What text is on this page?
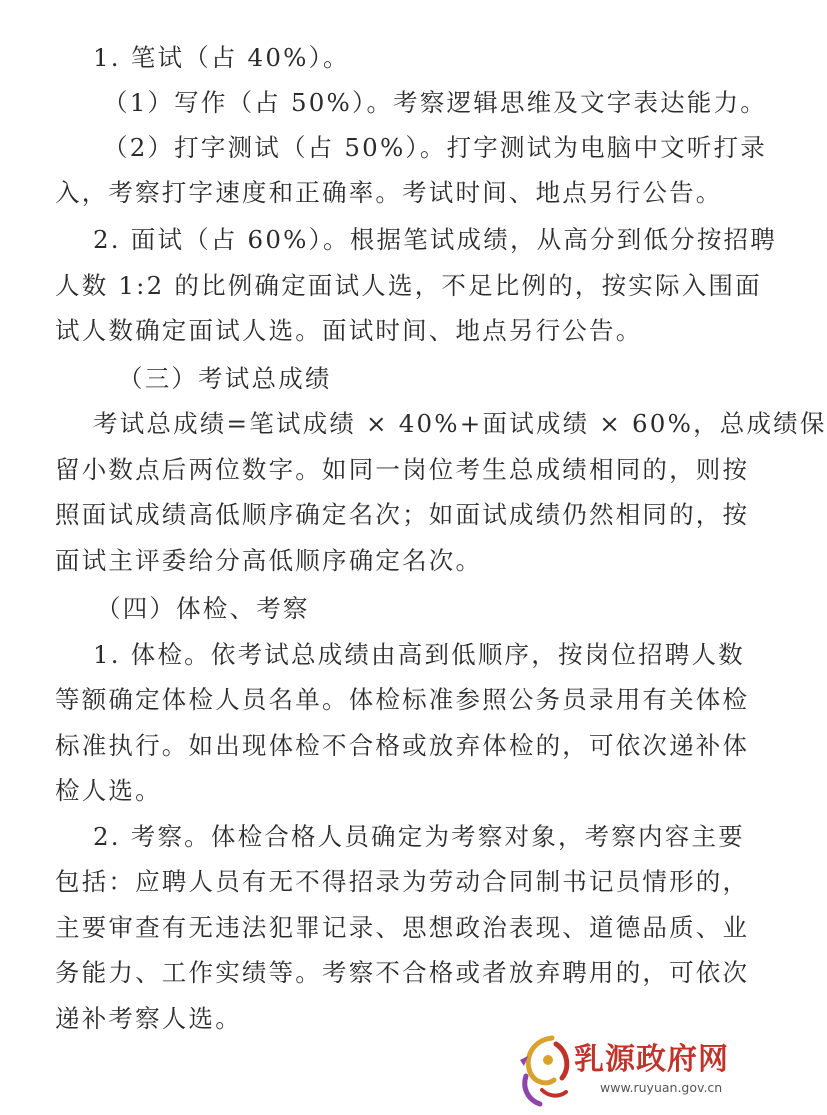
1. 笔试（占 40%）。
（1）写作（占 50%）。考察逻辑思维及文字表达能力。
（2）打字测试（占 50%）。打字测试为电脑中文听打录
入，考察打字速度和正确率。考试时间、地点另行公告。
2. 面试（占 60%）。根据笔试成绩，从高分到低分按招聘
人数 1:2 的比例确定面试人选，不足比例的，按实际入围面
试人数确定面试人选。面试时间、地点另行公告。
（三）考试总成绩
考试总成绩=笔试成绩 × 40%+面试成绩 × 60%，总成绩保
留小数点后两位数字。如同一岗位考生总成绩相同的，则按
照面试成绩高低顺序确定名次；如面试成绩仍然相同的，按
面试主评委给分高低顺序确定名次。
（四）体检、考察
1. 体检。依考试总成绩由高到低顺序，按岗位招聘人数
等额确定体检人员名单。体检标准参照公务员录用有关体检
标准执行。如出现体检不合格或放弃体检的，可依次递补体
检人选。
2. 考察。体检合格人员确定为考察对象，考察内容主要
包括：应聘人员有无不得招录为劳动合同制书记员情形的，
主要审查有无违法犯罪记录、思想政治表现、道德品质、业
务能力、工作实绩等。考察不合格或者放弃聘用的，可依次
递补考察人选。
乳源政府网
www.ruyuan.gov.cn
